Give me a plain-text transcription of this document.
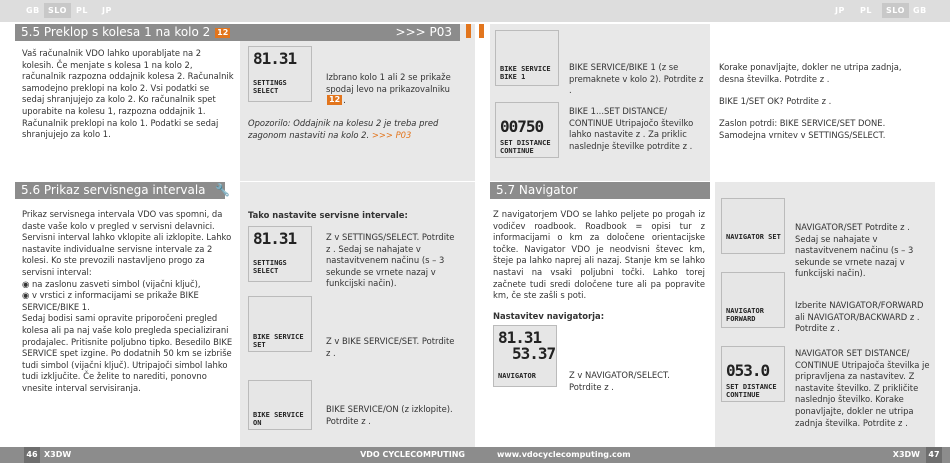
GB	SLO	PL JP
5.5 Preklop s kolesa 1 na kolo 2 12	>>> P03
Vaš računalnik VDO lahko uporabljate na 2 kolesih. Če menjate s kolesa 1 na kolo 2, računalnik razpozna oddajnik kolesa 2. Računalnik samodejno preklopi na kolo 2. Vsi podatki se sedaj shranjujejo za kolo 2. Ko računalnik spet uporabite na kolesu 1, razpozna oddajnik 1. Računalnik preklopi na kolo 1. Podatki se sedaj shranjujejo za kolo 1.
81.31
SETTINGS SELECT
Izbrano kolo 1 ali 2 se prikaže spodaj levo na prikazovalniku 12 .
Opozorilo: Oddajnik na kolesu 2 je treba pred zagonom nastaviti na kolo 2. >>> P03
5.6 Prikaz servisnega intervala 🔧

Prikaz servisnega intervala VDO vas spomni, da daste vaše kolo v pregled v servisni delavnici. Servisni interval lahko vklopite ali izklopite. Lahko nastavite individualne servisne intervale za 2 kolesi. Ko ste prevozili nastavljeno progo za servisni interval:

◉ na zaslonu zasveti simbol (vijačni ključ),

◉ v vrstici z informacijami se prikaže BIKE SERVICE/BIKE 1.

Sedaj bodisi sami opravite priporočeni pregled kolesa ali pa naj vaše kolo pregleda specializirani prodajalec. Pritisnite poljubno tipko. Besedilo BIKE SERVICE spet izgine. Po dodatnih 50 km se izbriše tudi simbol (vijačni ključ). Utripajoči simbol lahko tudi izključite. Če želite to narediti, ponovno vnesite interval servisiranja.

Tako nastavite servisne intervale:
81.31
SETTINGS SELECT
Z v SETTINGS/SELECT. Potrdite z . Sedaj se nahajate v nastavitvenem načinu (s – 3 sekunde se vrnete nazaj v funkcijski način).
BIKE SERVICE SET	Z v BIKE SERVICE/SET. Potrdite z .
BIKE SERVICE ON
BIKE SERVICE/ON (z izklopite). Potrdite z .
46 X3DW	VDO CYCLECOMPUTING
JP PL	SLO	GB
BIKE SERVICE BIKE 1
BIKE SERVICE/BIKE 1 (z se premaknete v kolo 2). Potrdite z .
00750
SET DISTANCE CONTINUE
BIKE 1...SET DISTANCE/ CONTINUE Utripajočo številko lahko nastavite z . Za priklic naslednje številke potrdite z .
Korake ponavljajte, dokler ne utripa zadnja, desna številka. Potrdite z .
BIKE 1/SET OK? Potrdite z .
Zaslon potrdi: BIKE SERVICE/SET DONE. Samodejna vrnitev v SETTINGS/SELECT.
5.7 Navigator
Z navigatorjem VDO se lahko peljete po progah iz vodičev roadbook. Roadbook = opisi tur z informacijami o km za določene orientacijske točke. Navigator VDO je neodvisni števec km, šteje pa lahko naprej ali nazaj. Stanje km se lahko nastavi na vsaki poljubni točki. Lahko torej začnete tudi sredi določene ture ali pa popravite km, če ste zašli s poti.
Nastavitev navigatorja:
81.31
53.37
NAVIGATOR	Z v NAVIGATOR/SELECT. Potrdite z .
NAVIGATOR SET
NAVIGATOR/SET Potrdite z . Sedaj se nahajate v nastavitvenem načinu (s – 3 sekunde se vrnete nazaj v funkcijski način).
NAVIGATOR FORWARD
Izberite NAVIGATOR/FORWARD ali NAVIGATOR/BACKWARD z . Potrdite z .
053.0
SET DISTANCE CONTINUE
NAVIGATOR SET DISTANCE/ CONTINUE Utripajoča številka je pripravljena za nastavitev. Z nastavite številko. Z prikličite naslednjo številko. Korake ponavljajte, dokler ne utripa zadnja številka. Potrdite z .
www.vdocyclecomputing.com	X3DW	47
